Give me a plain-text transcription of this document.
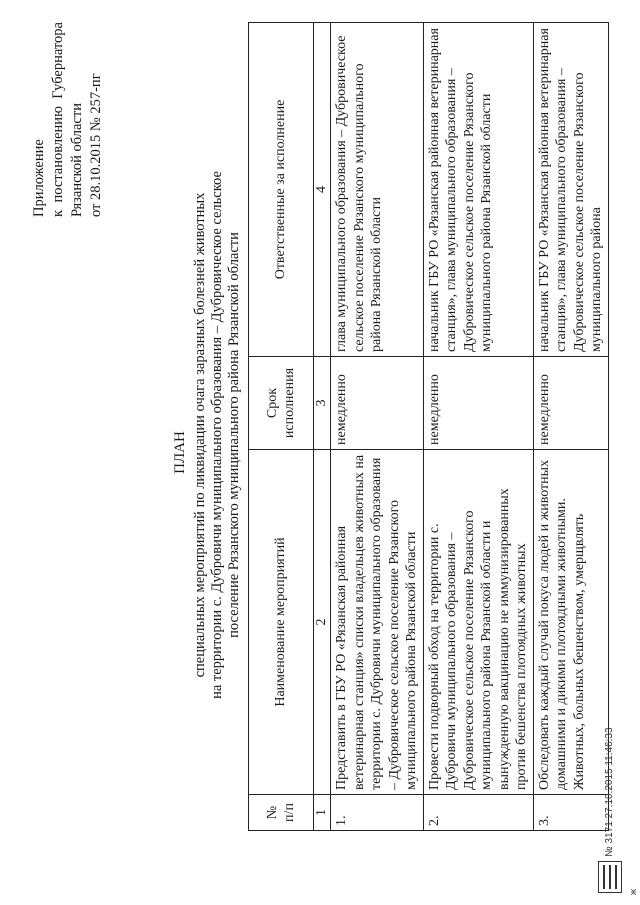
ж
Приложение к
постановлению
Губернатора
Рязанской области от 28.10.2015 № 257-пг
ПЛАН специальных мероприятий по ликвидации очага заразных болезней животных на территории с. Дубровичи муниципального образования – Дубровическое сельское поселение Рязанского муниципального района Рязанской области
№ п/п	Наименование мероприятий	Срок исполнения	Ответственные за исполнение
1	2	3	4
1.	Представить в ГБУ РО «Рязанская районная ветеринарная станция» списки владельцев животных на территории с. Дубровичи муниципального образования – Дубровическое сельское поселение Рязанского муниципального района Рязанской области	немедленно	глава муниципального образования – Дубровическое сельское поселение Рязанского муниципального района Рязанской области
2.	Провести подворный обход на территории с. Дубровичи муниципального образования – Дубровическое сельское поселение Рязанского муниципального района Рязанской области и вынужденную вакцинацию не иммунизированных против бешенства плотоядных животных	немедленно	начальник ГБУ РО «Рязанская районная ветеринарная станция», глава муниципального образования – Дубровическое сельское поселение Рязанского муниципального района Рязанской области
3.	Обследовать каждый случай покуса людей и животных домашними и дикими плотоядными животными. Животных, больных бешенством, умерщвлять	немедленно	начальник ГБУ РО «Рязанская районная ветеринарная станция», глава муниципального образования – Дубровическое сельское поселение Рязанского муниципального района
№ 3171 27.10.2015 11:46:33
